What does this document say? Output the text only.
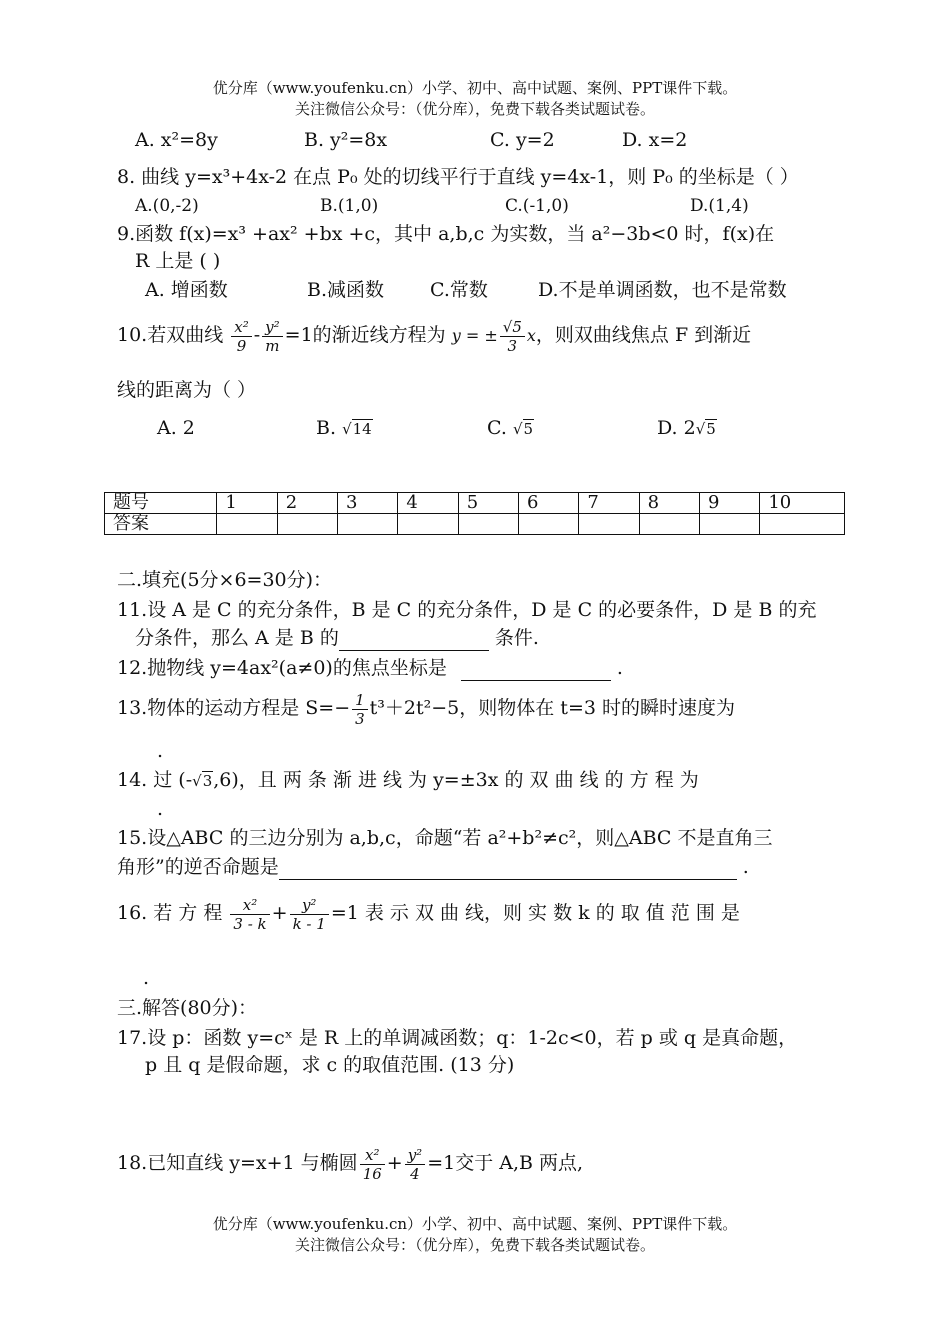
优分库（www.youfenku.cn）小学、初中、高中试题、案例、PPT课件下载。
关注微信公众号：（优分库），免费下载各类试题试卷。
A. x²=8y	B. y²=8x	C. y=2	D. x=2
8. 曲线 y=x³+4x-2 在点 P₀ 处的切线平行于直线 y=4x-1，则 P₀ 的坐标是（ ）
A.(0,-2)	B.(1,0)	C.(-1,0)	D.(1,4)
9.函数 f(x)=x³ +ax² +bx +c，其中 a,b,c 为实数，当 a²−3b<0 时，f(x)在
R 上是 ( )
A. 增函数	B.减函数 C.常数	D.不是单调函数，也不是常数
10.若双曲线 $\frac{\text{x²}}{9} - \frac{\text{y²}}{m} =1$的渐近线方程为 y = ± $\frac{√5}{3}$ x，则双曲线焦点 F 到渐近
线的距离为（ ）
A. 2	B. √14	C. √5	D. 2√5
题号	1	2	3	4	5	6	7	8	9	10
答案										
二.填充(5分×6=30分)：
11.设 A 是 C 的充分条件，B 是 C 的充分条件，D 是 C 的必要条件，D 是 B 的充
分条件，那么 A 是 B 的	条件.
12.抛物线 y=4ax²(a≠0)的焦点坐标是	.
13.物体的运动方程是 $S=- \frac{1}{3} t^3+2t^2-5$，则物体在 t=3 时的瞬时速度为
.
14. 过 (-√3,6)，且 两 条 渐 进 线 为 y=±3x 的 双 曲 线 的 方 程 为
.
15.设△ABC 的三边分别为 a,b,c，命题“若 a²+b²≠c²，则△ABC 不是直角三
角形”的逆否命题是	.
16. 若 方 程 $\frac{\text{x²}}{3 - k} + \frac{\text{y²}}{k - 1} =1$ 表 示 双 曲 线，则 实 数 k 的 取 值 范 围 是
.
三.解答(80分)：
17.设 p：函数 y=cˣ 是 R 上的单调减函数；q：1-2c<0，若 p 或 q 是真命题，
p 且 q 是假命题，求 c 的取值范围. (13 分)
18.已知直线 y=x+1 与椭圆 $\frac{\text{x²}}{16} + \frac{\text{y²}}{4} =1$交于 A,B 两点,
优分库（www.youfenku.cn）小学、初中、高中试题、案例、PPT课件下载。
关注微信公众号：（优分库），免费下载各类试题试卷。
